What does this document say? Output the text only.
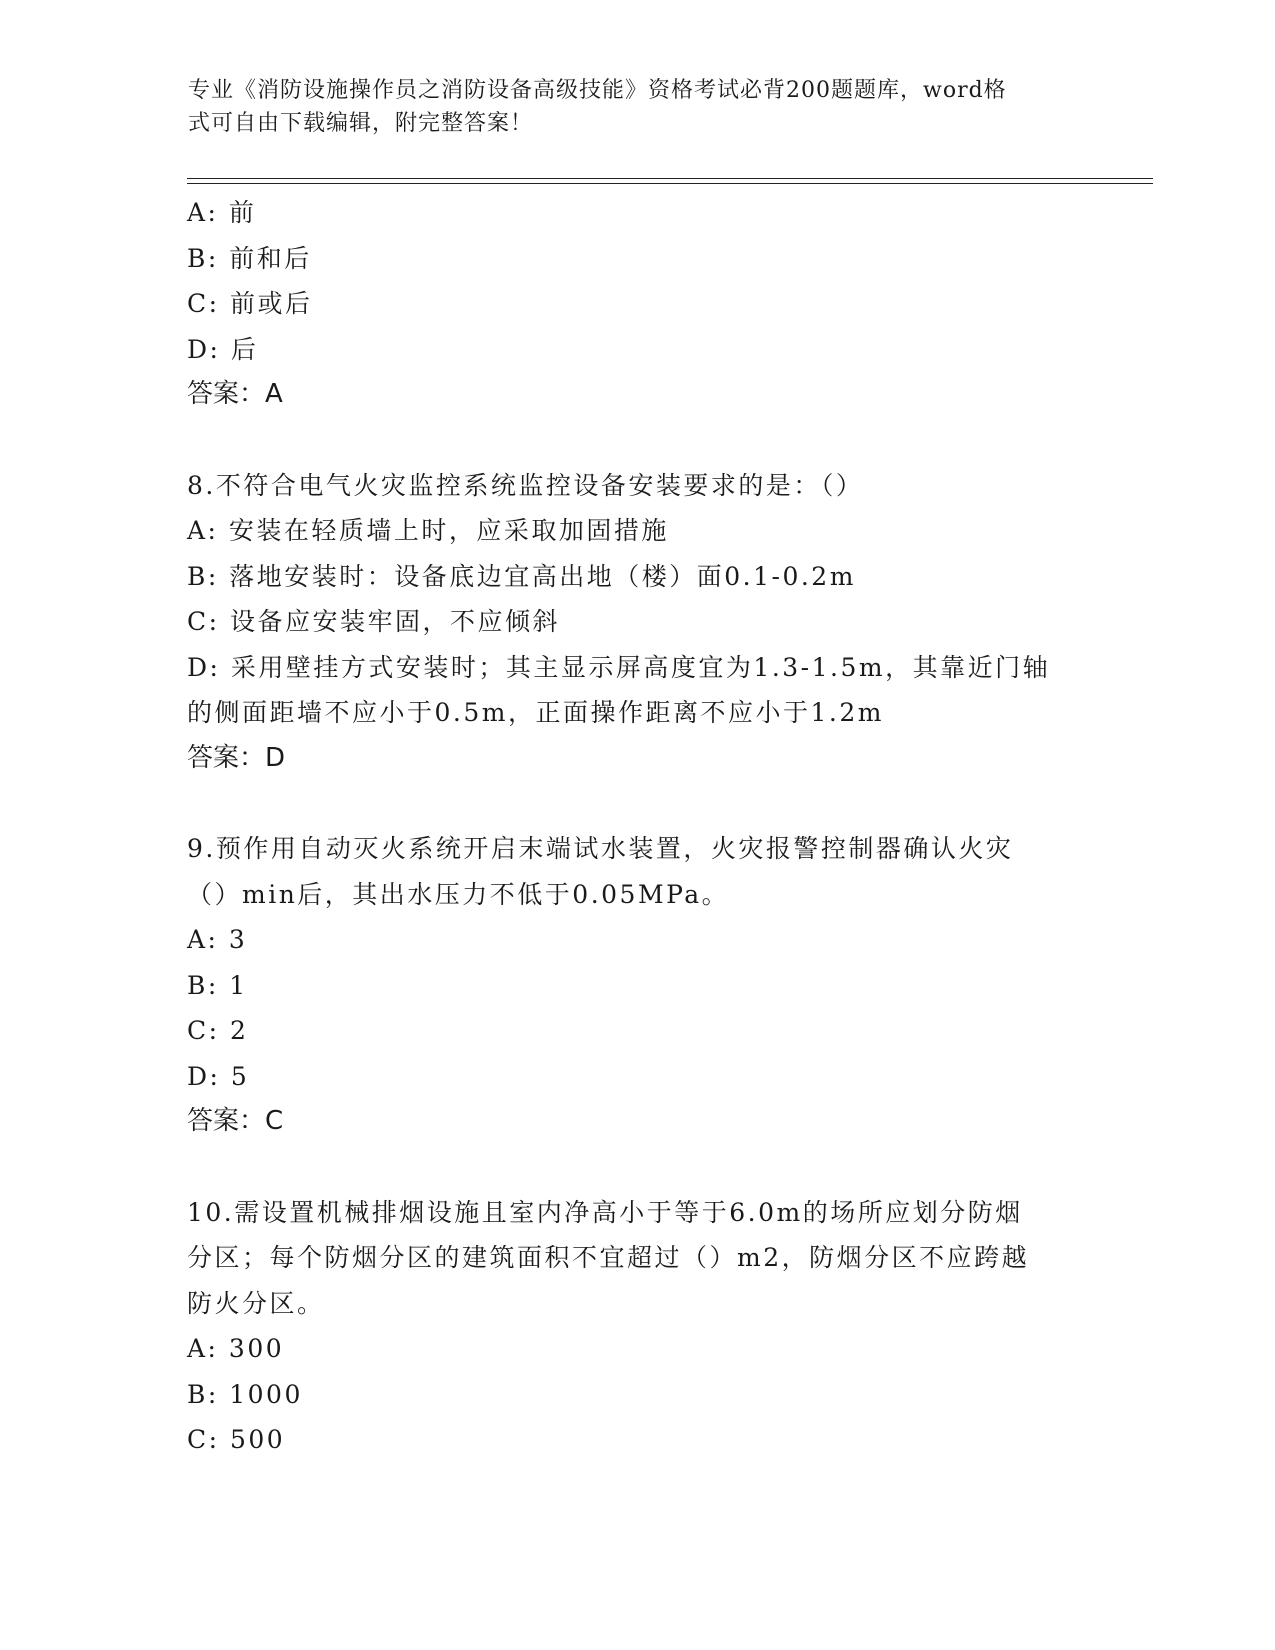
专业《消防设施操作员之消防设备高级技能》资格考试必背200题题库，word格
式可自由下载编辑，附完整答案！
A: 前
B: 前和后
C: 前或后
D: 后
答案：A
8.不符合电气火灾监控系统监控设备安装要求的是：（）
A: 安装在轻质墙上时，应采取加固措施
B: 落地安装时：设备底边宜高出地（楼）面0.1-0.2m
C: 设备应安装牢固，不应倾斜
D: 采用壁挂方式安装时；其主显示屏高度宜为1.3-1.5m，其靠近门轴
的侧面距墙不应小于0.5m，正面操作距离不应小于1.2m
答案：D
9.预作用自动灭火系统开启末端试水装置，火灾报警控制器确认火灾
（）min后，其出水压力不低于0.05MPa。
A: 3
B: 1
C: 2
D: 5
答案：C
10.需设置机械排烟设施且室内净高小于等于6.0m的场所应划分防烟
分区；每个防烟分区的建筑面积不宜超过（）m2，防烟分区不应跨越
防火分区。
A: 300
B: 1000
C: 500
